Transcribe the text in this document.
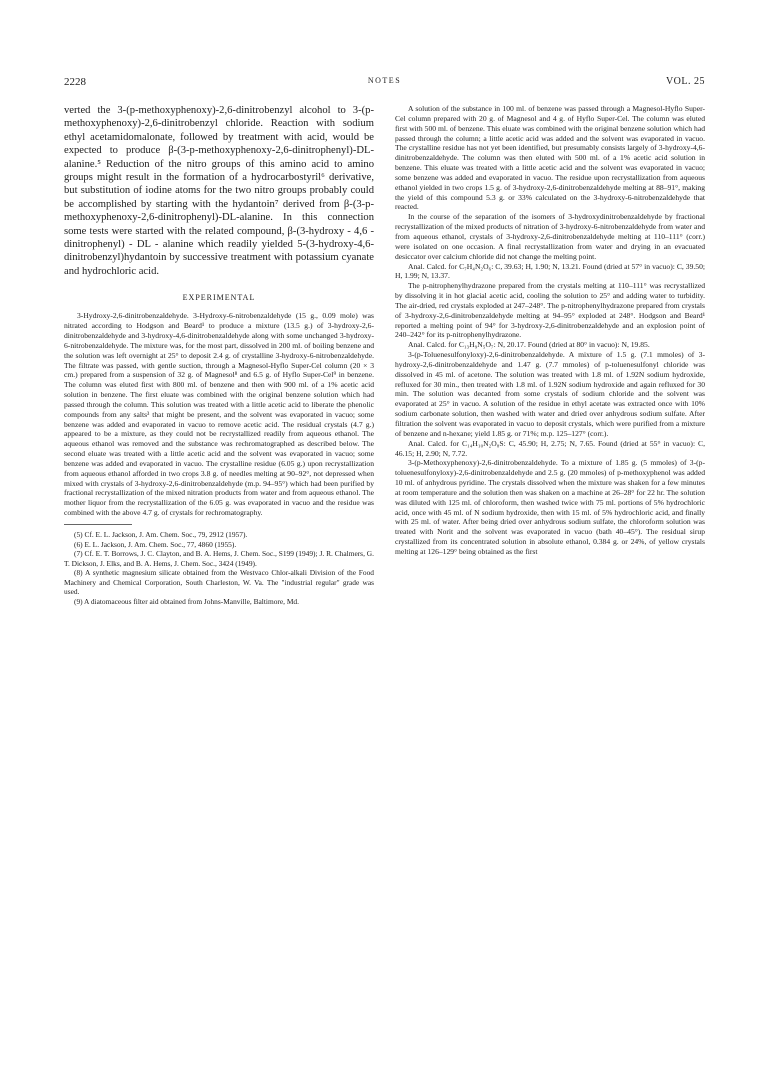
2228	NOTES	VOL. 25

verted the 3-(p-methoxyphenoxy)-2,6-dinitrobenzyl alcohol to 3-(p-methoxyphenoxy)-2,6-dinitrobenzyl chloride. Reaction with sodium ethyl acetamidomalonate, followed by treatment with acid, would be expected to produce β-(3-p-methoxyphenoxy-2,6-dinitrophenyl)-DL-alanine.⁵ Reduction of the nitro groups of this amino acid to amino groups might result in the formation of a hydrocarbostyril⁶ derivative, but substitution of iodine atoms for the two nitro groups probably could be accomplished by starting with the hydantoin⁷ derived from β-(3-p-methoxyphenoxy-2,6-dinitrophenyl)-DL-alanine. In this connection some tests were started with the related compound, β-(3-hydroxy - 4,6 - dinitrophenyl) - DL - alanine which readily yielded 5-(3-hydroxy-4,6-dinitrobenzyl)hydantoin by successive treatment with potassium cyanate and hydrochloric acid.

EXPERIMENTAL

3-Hydroxy-2,6-dinitrobenzaldehyde. 3-Hydroxy-6-nitrobenzaldehyde (15 g., 0.09 mole) was nitrated according to Hodgson and Beard¹ to produce a mixture (13.5 g.) of 3-hydroxy-2,6-dinitrobenzaldehyde and 3-hydroxy-4,6-dinitrobenzaldehyde along with some unchanged 3-hydroxy-6-nitrobenzaldehyde. The mixture was, for the most part, dissolved in 200 ml. of boiling benzene and the solution was left overnight at 25° to deposit 2.4 g. of crystalline 3-hydroxy-6-nitrobenzaldehyde. The filtrate was passed, with gentle suction, through a Magnesol-Hyflo Super-Cel column (20 × 3 cm.) prepared from a suspension of 32 g. of Magnesol⁸ and 6.5 g. of Hyflo Super-Cel⁹ in benzene. The column was eluted first with 800 ml. of benzene and then with 900 ml. of a 1% acetic acid solution in benzene. The first eluate was combined with the original benzene solution which had passed through the column. This solution was treated with a little acetic acid to liberate the phenolic compounds from any salts³ that might be present, and the solvent was evaporated in vacuo; some benzene was added and evaporated in vacuo to remove acetic acid. The residual crystals (4.7 g.) appeared to be a mixture, as they could not be recrystallized readily from aqueous ethanol. The aqueous ethanol was removed and the substance was rechromatographed as described below. The second eluate was treated with a little acetic acid and the solvent was evaporated in vacuo; some benzene was added and evaporated in vacuo. The crystalline residue (6.05 g.) upon recrystallization from aqueous ethanol afforded in two crops 3.8 g. of needles melting at 90–92°, not depressed when mixed with crystals of 3-hydroxy-2,6-dinitrobenzaldehyde (m.p. 94–95°) which had been purified by fractional recrystallization of the mixed nitration products from water and from aqueous ethanol. The mother liquor from the recrystallization of the 6.05 g. was evaporated in vacuo and the residue was combined with the above 4.7 g. of crystals for rechromatography.

(5) Cf. E. L. Jackson, J. Am. Chem. Soc., 79, 2912 (1957).

(6) E. L. Jackson, J. Am. Chem. Soc., 77, 4860 (1955).

(7) Cf. E. T. Borrows, J. C. Clayton, and B. A. Hems, J. Chem. Soc., S199 (1949); J. R. Chalmers, G. T. Dickson, J. Elks, and B. A. Hems, J. Chem. Soc., 3424 (1949).

(8) A synthetic magnesium silicate obtained from the Westvaco Chlor-alkali Division of the Food Machinery and Chemical Corporation, South Charleston, W. Va. The "industrial regular" grade was used.

(9) A diatomaceous filter aid obtained from Johns-Manville, Baltimore, Md.

A solution of the substance in 100 ml. of benzene was passed through a Magnesol-Hyflo Super-Cel column prepared with 20 g. of Magnesol and 4 g. of Hyflo Super-Cel. The column was eluted first with 500 ml. of benzene. This eluate was combined with the original benzene solution which had passed through the column; a little acetic acid was added and the solvent was evaporated in vacuo. The crystalline residue has not yet been identified, but presumably consists largely of 3-hydroxy-4,6-dinitrobenzaldehyde. The column was then eluted with 500 ml. of a 1% acetic acid solution in benzene. This eluate was treated with a little acetic acid and the solvent was evaporated in vacuo; some benzene was added and evaporated in vacuo. The residue upon recrystallization from aqueous ethanol yielded in two crops 1.5 g. of 3-hydroxy-2,6-dinitrobenzaldehyde melting at 88–91°, making the yield of this compound 5.3 g. or 33% calculated on the 3-hydroxy-6-nitrobenzaldehyde that reacted.

In the course of the separation of the isomers of 3-hydroxydinitrobenzaldehyde by fractional recrystallization of the mixed products of nitration of 3-hydroxy-6-nitrobenzaldehyde from water and from aqueous ethanol, crystals of 3-hydroxy-2,6-dinitrobenzaldehyde melting at 110–111° (corr.) were isolated on one occasion. A final recrystallization from water and drying in an evacuated desiccator over calcium chloride did not change the melting point.

Anal. Calcd. for C₇H₄N₂O₆: C, 39.63; H, 1.90; N, 13.21. Found (dried at 57° in vacuo): C, 39.50; H, 1.99; N, 13.37.

The p-nitrophenylhydrazone prepared from the crystals melting at 110–111° was recrystallized by dissolving it in hot glacial acetic acid, cooling the solution to 25° and adding water to turbidity. The air-dried, red crystals exploded at 247–248°. The p-nitrophenylhydrazone prepared from crystals of 3-hydroxy-2,6-dinitrobenzaldehyde melting at 94–95° exploded at 248°. Hodgson and Beard¹ reported a melting point of 94° for 3-hydroxy-2,6-dinitrobenzaldehyde and an explosion point of 240–242° for its p-nitrophenylhydrazone.

Anal. Calcd. for C₁₃H₉N₅O₇: N, 20.17. Found (dried at 80° in vacuo): N, 19.85.

3-(p-Toluenesulfonyloxy)-2,6-dinitrobenzaldehyde. A mixture of 1.5 g. (7.1 mmoles) of 3-hydroxy-2,6-dinitrobenzaldehyde and 1.47 g. (7.7 mmoles) of p-toluenesulfonyl chloride was dissolved in 45 ml. of acetone. The solution was treated with 1.8 ml. of 1.92N sodium hydroxide, refluxed for 30 min., then treated with 1.8 ml. of 1.92N sodium hydroxide and again refluxed for 30 min. The solution was decanted from some crystals of sodium chloride and the solvent was evaporated at 25° in vacuo. A solution of the residue in ethyl acetate was extracted once with 10% sodium carbonate solution, then washed with water and dried over anhydrous sodium sulfate. After filtration the solvent was evaporated in vacuo to deposit crystals, which were purified from a mixture of benzene and n-hexane; yield 1.85 g. or 71%; m.p. 125–127° (corr.).

Anal. Calcd. for C₁₄H₁₀N₂O₈S: C, 45.90; H, 2.75; N, 7.65. Found (dried at 55° in vacuo): C, 46.15; H, 2.90; N, 7.72.

3-(p-Methoxyphenoxy)-2,6-dinitrobenzaldehyde. To a mixture of 1.85 g. (5 mmoles) of 3-(p-toluenesulfonyloxy)-2,6-dinitrobenzaldehyde and 2.5 g. (20 mmoles) of p-methoxyphenol was added 10 ml. of anhydrous pyridine. The crystals dissolved when the mixture was shaken for a few minutes at room temperature and the solution then was shaken on a machine at 26–28° for 22 hr. The solution was diluted with 125 ml. of chloroform, then washed twice with 75 ml. portions of 5% hydrochloric acid, once with 45 ml. of N sodium hydroxide, then with 15 ml. of 5% hydrochloric acid, and finally with 25 ml. of water. After being dried over anhydrous sodium sulfate, the chloroform solution was treated with Norit and the solvent was evaporated in vacuo (bath 40–45°). The residual sirup crystallized from its concentrated solution in absolute ethanol, 0.384 g. or 24%, of yellow crystals melting at 126–129° being obtained as the first
